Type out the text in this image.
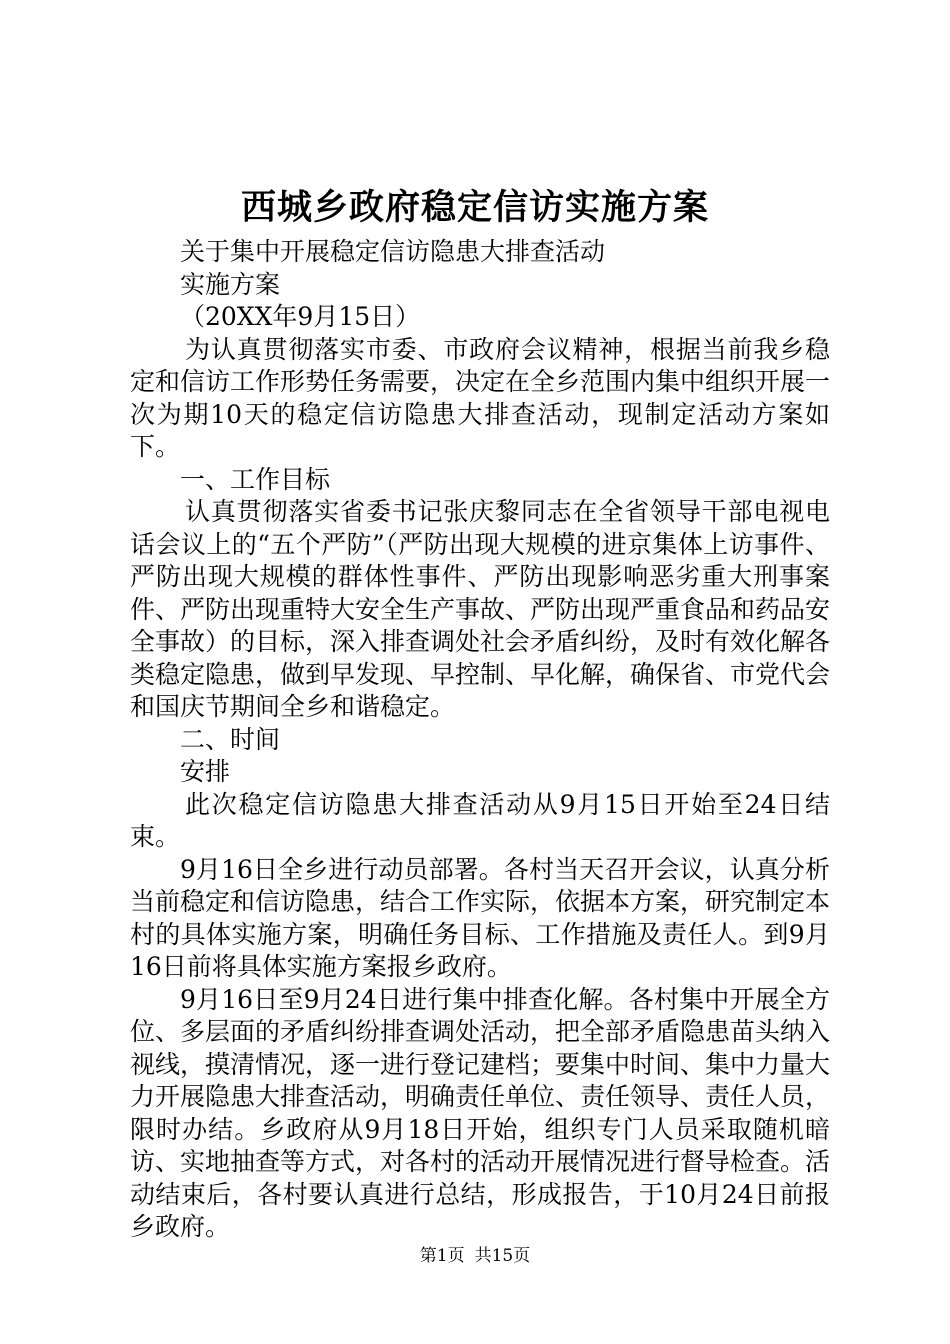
西城乡政府稳定信访实施方案

关于集中开展稳定信访隐患大排查活动

实施方案

（20XX年9月15日）

为认真贯彻落实市委、市政府会议精神，根据当前我乡稳定和信访工作形势任务需要，决定在全乡范围内集中组织开展一次为期10天的稳定信访隐患大排查活动，现制定活动方案如下。

一、工作目标

认真贯彻落实省委书记张庆黎同志在全省领导干部电视电话会议上的“五个严防”（严防出现大规模的进京集体上访事件、严防出现大规模的群体性事件、严防出现影响恶劣重大刑事案件、严防出现重特大安全生产事故、严防出现严重食品和药品安全事故）的目标，深入排查调处社会矛盾纠纷，及时有效化解各类稳定隐患，做到早发现、早控制、早化解，确保省、市党代会和国庆节期间全乡和谐稳定。

二、时间

安排

此次稳定信访隐患大排查活动从9月15日开始至24日结束。

9月16日全乡进行动员部署。各村当天召开会议，认真分析当前稳定和信访隐患，结合工作实际，依据本方案，研究制定本村的具体实施方案，明确任务目标、工作措施及责任人。到9月16日前将具体实施方案报乡政府。

9月16日至9月24日进行集中排查化解。各村集中开展全方位、多层面的矛盾纠纷排查调处活动，把全部矛盾隐患苗头纳入视线，摸清情况，逐一进行登记建档；要集中时间、集中力量大力开展隐患大排查活动，明确责任单位、责任领导、责任人员，限时办结。乡政府从9月18日开始，组织专门人员采取随机暗访、实地抽查等方式，对各村的活动开展情况进行督导检查。活动结束后，各村要认真进行总结，形成报告，于10月24日前报乡政府。

第1页 共15页
